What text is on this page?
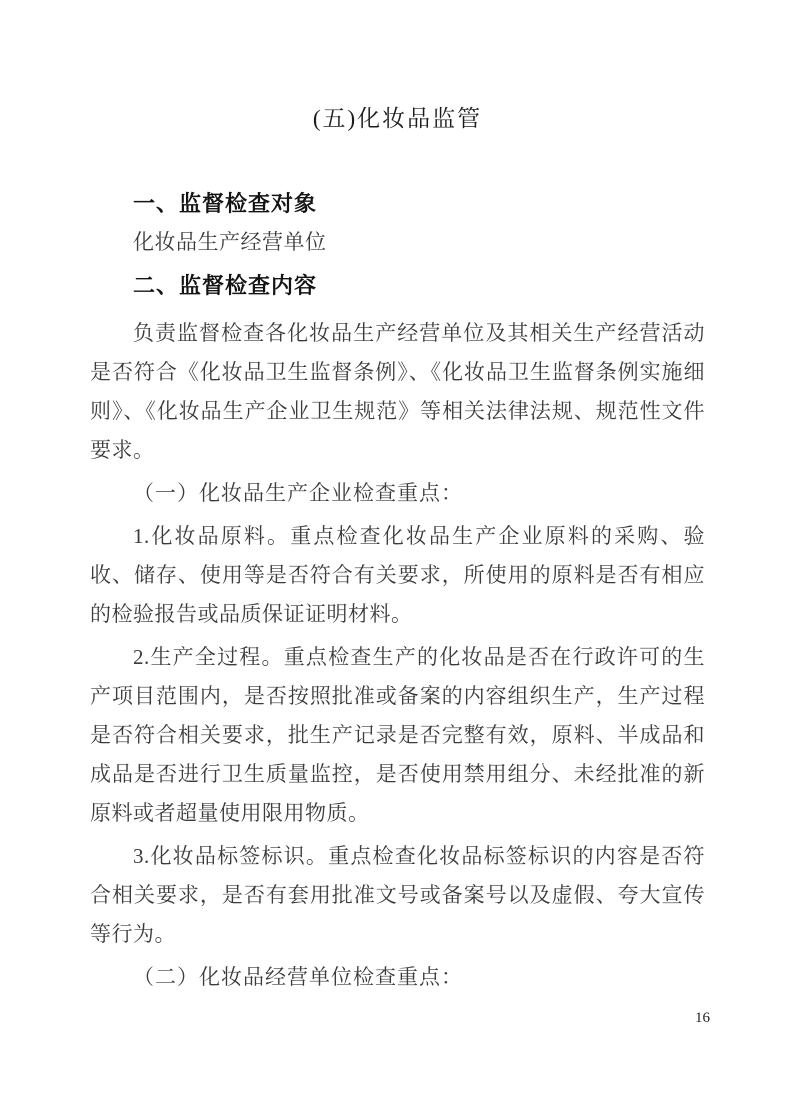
(五)化妆品监管
一、监督检查对象

化妆品生产经营单位

二、监督检查内容

负责监督检查各化妆品生产经营单位及其相关生产经营活动是否符合《化妆品卫生监督条例》、《化妆品卫生监督条例实施细则》、《化妆品生产企业卫生规范》等相关法律法规、规范性文件要求。

（一）化妆品生产企业检查重点：

1.化妆品原料。重点检查化妆品生产企业原料的采购、验收、储存、使用等是否符合有关要求，所使用的原料是否有相应的检验报告或品质保证证明材料。

2.生产全过程。重点检查生产的化妆品是否在行政许可的生产项目范围内，是否按照批准或备案的内容组织生产，生产过程是否符合相关要求，批生产记录是否完整有效，原料、半成品和成品是否进行卫生质量监控，是否使用禁用组分、未经批准的新原料或者超量使用限用物质。

3.化妆品标签标识。重点检查化妆品标签标识的内容是否符合相关要求，是否有套用批准文号或备案号以及虚假、夸大宣传等行为。

（二）化妆品经营单位检查重点：

16
